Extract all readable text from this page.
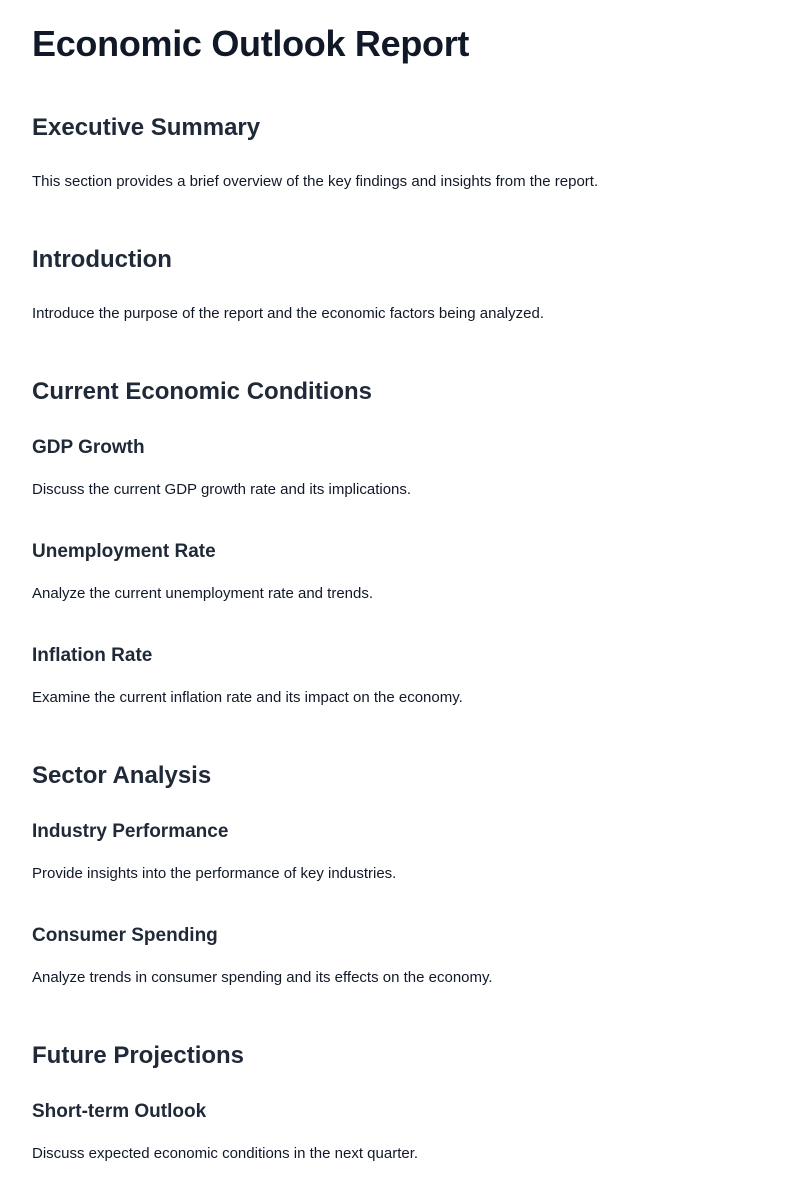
Economic Outlook Report
Executive Summary

This section provides a brief overview of the key findings and insights from the report.

Introduction

Introduce the purpose of the report and the economic factors being analyzed.

Current Economic Conditions
GDP Growth

Discuss the current GDP growth rate and its implications.

Unemployment Rate

Analyze the current unemployment rate and trends.

Inflation Rate

Examine the current inflation rate and its impact on the economy.

Sector Analysis
Industry Performance

Provide insights into the performance of key industries.

Consumer Spending

Analyze trends in consumer spending and its effects on the economy.

Future Projections
Short-term Outlook

Discuss expected economic conditions in the next quarter.
